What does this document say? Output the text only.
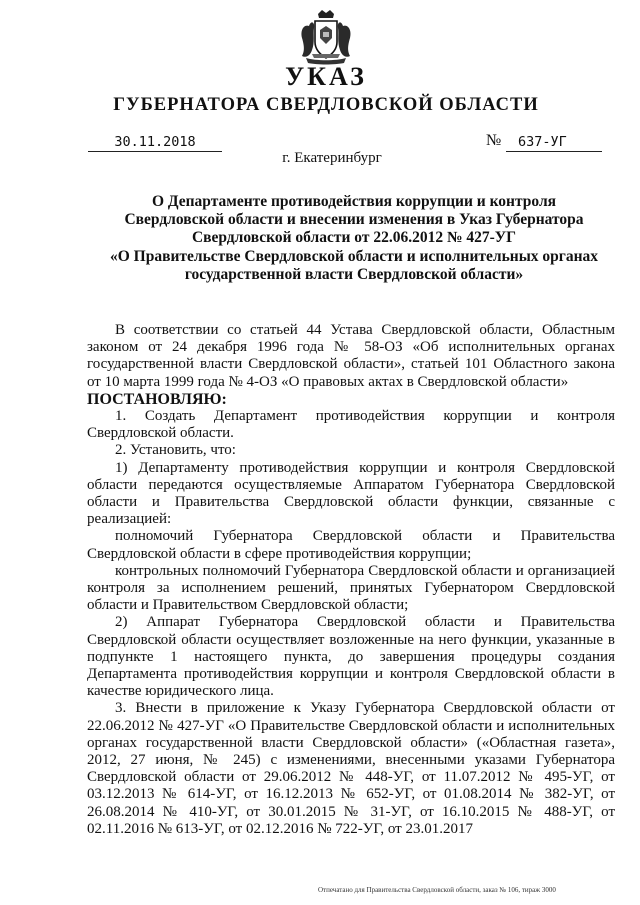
УКАЗ
ГУБЕРНАТОРА СВЕРДЛОВСКОЙ ОБЛАСТИ
30.11.2018	№	637-УГ
г. Екатеринбург
О Департаменте противодействия коррупции и контроля
Свердловской области и внесении изменения в Указ Губернатора
Свердловской области от 22.06.2012 № 427-УГ
«О Правительстве Свердловской области и исполнительных органах
государственной власти Свердловской области»

В соответствии со статьей 44 Устава Свердловской области, Областным законом от 24 декабря 1996 года № 58-ОЗ «Об исполнительных органах государственной власти Свердловской области», статьей 101 Областного закона от 10 марта 1999 года № 4-ОЗ «О правовых актах в Свердловской области»

ПОСТАНОВЛЯЮ:

1. Создать Департамент противодействия коррупции и контроля Свердловской области.

2. Установить, что:

1) Департаменту противодействия коррупции и контроля Свердловской области передаются осуществляемые Аппаратом Губернатора Свердловской области и Правительства Свердловской области функции, связанные с реализацией:

полномочий Губернатора Свердловской области и Правительства Свердловской области в сфере противодействия коррупции;

контрольных полномочий Губернатора Свердловской области и организацией контроля за исполнением решений, принятых Губернатором Свердловской области и Правительством Свердловской области;

2) Аппарат Губернатора Свердловской области и Правительства Свердловской области осуществляет возложенные на него функции, указанные в подпункте 1 настоящего пункта, до завершения процедуры создания Департамента противодействия коррупции и контроля Свердловской области в качестве юридического лица.

3. Внести в приложение к Указу Губернатора Свердловской области от 22.06.2012 № 427-УГ «О Правительстве Свердловской области и исполнительных органах государственной власти Свердловской области» («Областная газета», 2012, 27 июня, № 245) с изменениями, внесенными указами Губернатора Свердловской области от 29.06.2012 № 448-УГ, от 11.07.2012 № 495-УГ, от 03.12.2013 № 614-УГ, от 16.12.2013 № 652-УГ, от 01.08.2014 № 382-УГ, от 26.08.2014 № 410-УГ, от 30.01.2015 № 31-УГ, от 16.10.2015 № 488-УГ, от 02.11.2016 № 613-УГ, от 02.12.2016 № 722-УГ, от 23.01.2017

Отпечатано для Правительства Свердловской области, заказ № 106, тираж 3000
